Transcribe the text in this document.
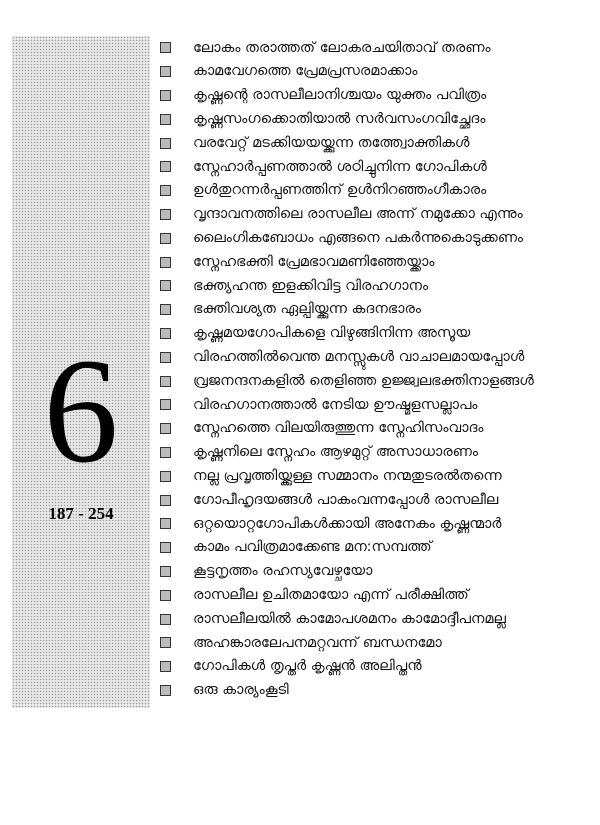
6
187 - 254
ലോകം തരാത്തത് ലോകരചയിതാവ് തരണം
കാമവേഗത്തെ പ്രേമപ്രസരമാക്കാം
കൃഷ്ണന്റെ രാസലീലാനിശ്ചയം യുക്തം പവിത്രം
കൃഷ്ണസംഗക്കൊതിയാൽ സർവസംഗവിച്ഛേദം
വരവേറ്റ് മടക്കിയയയ്ക്കുന്ന തത്ത്വോക്തികൾ
സ്നേഹാർപ്പണത്താൽ ശഠിച്ചുനിന്ന ഗോപികൾ
ഉൾതുറന്നർപ്പണത്തിന് ഉൾനിറഞ്ഞംഗീകാരം
വൃന്ദാവനത്തിലെ രാസലീല അന്ന് നമുക്കോ എന്നും
ലൈംഗികബോധം എങ്ങനെ പകർന്നുകൊടുക്കണം
സ്നേഹഭക്തി പ്രേമഭാവമണിഞ്ഞേയ്ക്കാം
ഭക്ത്യഹന്ത ഇളക്കിവിട്ട വിരഹഗാനം
ഭക്തിവശ്യത ഏല്പിയ്ക്കുന്ന കദനഭാരം
കൃഷ്ണമയഗോപികളെ വിഴുങ്ങിനിന്ന അസൂയ
വിരഹത്തിൽവെന്ത മനസ്സുകൾ വാചാലമായപ്പോൾ
വ്രജനന്ദനകളിൽ തെളിഞ്ഞ ഉജ്ജ്വലഭക്തിനാളങ്ങൾ
വിരഹഗാനത്താൽ നേടിയ ഊഷ്മളസല്ലാപം
സ്നേഹത്തെ വിലയിരുത്തുന്ന സ്നേഹിസംവാദം
കൃഷ്ണനിലെ സ്നേഹം ആഴമുറ്റ് അസാധാരണം
നല്ല പ്രവൃത്തിയ്ക്കുള്ള സമ്മാനം നന്മതുടരൽതന്നെ
ഗോപീഹൃദയങ്ങൾ പാകംവന്നപ്പോൾ രാസലീല
ഒറ്റയൊറ്റഗോപികൾക്കായി അനേകം കൃഷ്ണന്മാർ
കാമം പവിത്രമാക്കേണ്ട മന:സമ്പത്ത്
കൂട്ടനൃത്തം രഹസ്യവേഴ്ചയോ
രാസലീല ഉചിതമായോ എന്ന് പരീക്ഷിത്ത്
രാസലീലയിൽ കാമോപശമനം കാമോദ്ദീപനമല്ല
അഹങ്കാരലേപനമറ്റവന്ന് ബന്ധനമോ
ഗോപികൾ തൃപ്തർ കൃഷ്ണൻ അലിപ്തൻ
ഒരു കാര്യംകൂടി
